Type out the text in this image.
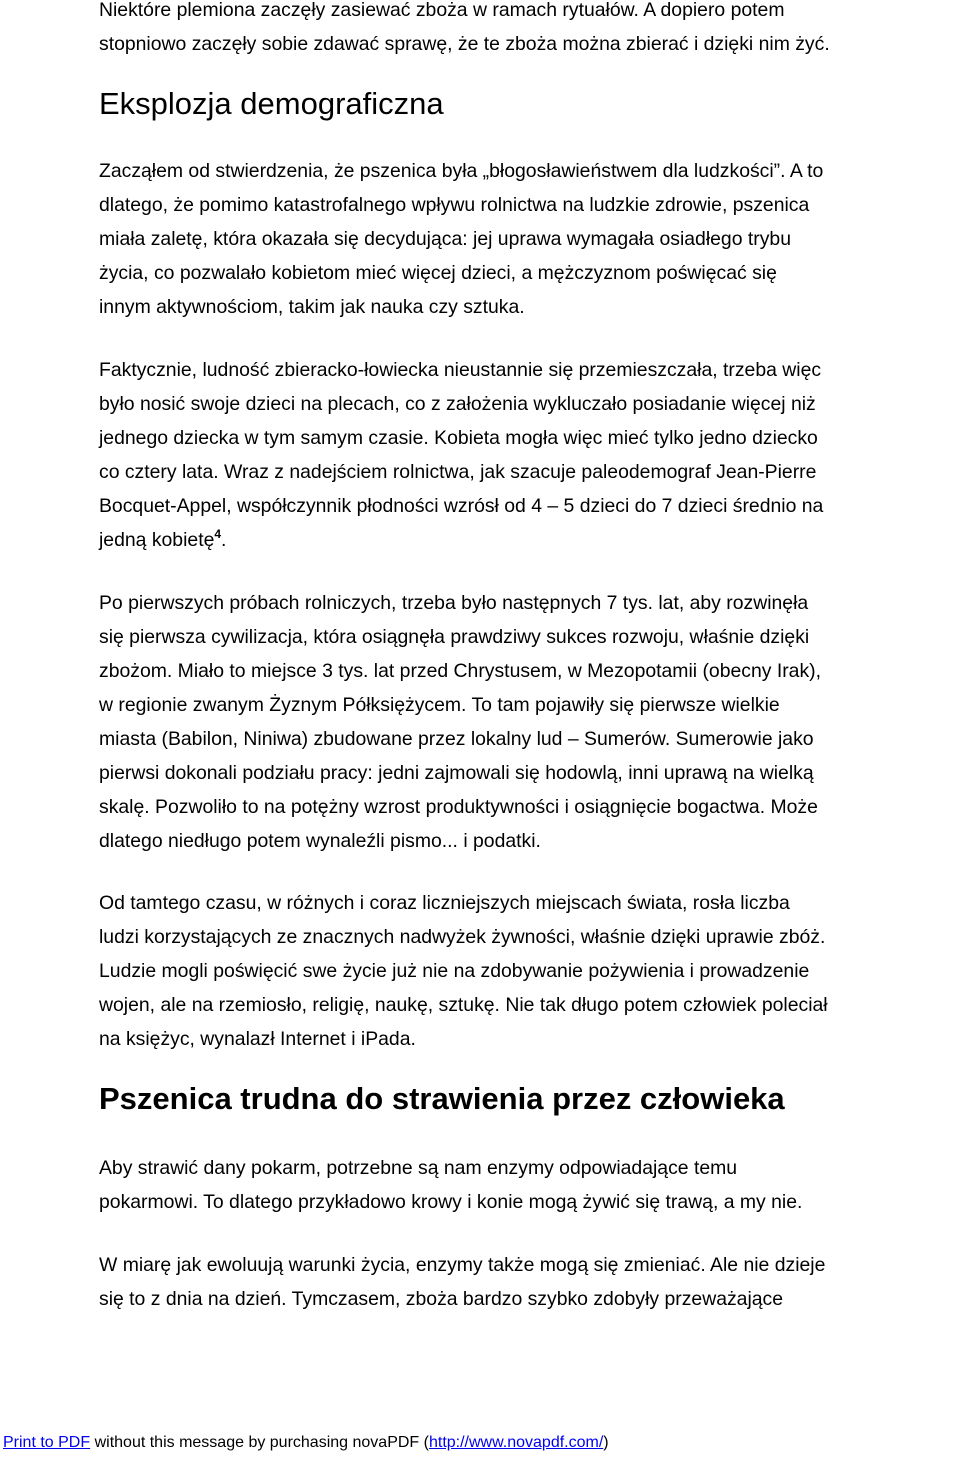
Niektóre plemiona zaczęły zasiewać zboża w ramach rytuałów. A dopiero potem

stopniowo zaczęły sobie zdawać sprawę, że te zboża można zbierać i dzięki nim żyć.

Eksplozja demograficzna

Zacząłem od stwierdzenia, że pszenica była „błogosławieństwem dla ludzkości”. A to

dlatego, że pomimo katastrofalnego wpływu rolnictwa na ludzkie zdrowie, pszenica

miała zaletę, która okazała się decydująca: jej uprawa wymagała osiadłego trybu

życia, co pozwalało kobietom mieć więcej dzieci, a mężczyznom poświęcać się

innym aktywnościom, takim jak nauka czy sztuka.

Faktycznie, ludność zbieracko-łowiecka nieustannie się przemieszczała, trzeba więc

było nosić swoje dzieci na plecach, co z założenia wykluczało posiadanie więcej niż

jednego dziecka w tym samym czasie. Kobieta mogła więc mieć tylko jedno dziecko

co cztery lata. Wraz z nadejściem rolnictwa, jak szacuje paleodemograf Jean-Pierre

Bocquet-Appel, współczynnik płodności wzrósł od 4 – 5 dzieci do 7 dzieci średnio na

jedną kobietę$^4$.

Po pierwszych próbach rolniczych, trzeba było następnych 7 tys. lat, aby rozwinęła

się pierwsza cywilizacja, która osiągnęła prawdziwy sukces rozwoju, właśnie dzięki

zbożom. Miało to miejsce 3 tys. lat przed Chrystusem, w Mezopotamii (obecny Irak),

w regionie zwanym Żyznym Półksiężycem. To tam pojawiły się pierwsze wielkie

miasta (Babilon, Niniwa) zbudowane przez lokalny lud – Sumerów. Sumerowie jako

pierwsi dokonali podziału pracy: jedni zajmowali się hodowlą, inni uprawą na wielką

skalę. Pozwoliło to na potężny wzrost produktywności i osiągnięcie bogactwa. Może

dlatego niedługo potem wynaleźli pismo... i podatki.

Od tamtego czasu, w różnych i coraz liczniejszych miejscach świata, rosła liczba

ludzi korzystających ze znacznych nadwyżek żywności, właśnie dzięki uprawie zbóż.

Ludzie mogli poświęcić swe życie już nie na zdobywanie pożywienia i prowadzenie

wojen, ale na rzemiosło, religię, naukę, sztukę. Nie tak długo potem człowiek poleciał

na księżyc, wynalazł Internet i iPada.

Pszenica trudna do strawienia przez człowieka

Aby strawić dany pokarm, potrzebne są nam enzymy odpowiadające temu

pokarmowi. To dlatego przykładowo krowy i konie mogą żywić się trawą, a my nie.

W miarę jak ewoluują warunki życia, enzymy także mogą się zmieniać. Ale nie dzieje

się to z dnia na dzień. Tymczasem, zboża bardzo szybko zdobyły przeważające

Print to PDF without this message by purchasing novaPDF (http://www.novapdf.com/)
